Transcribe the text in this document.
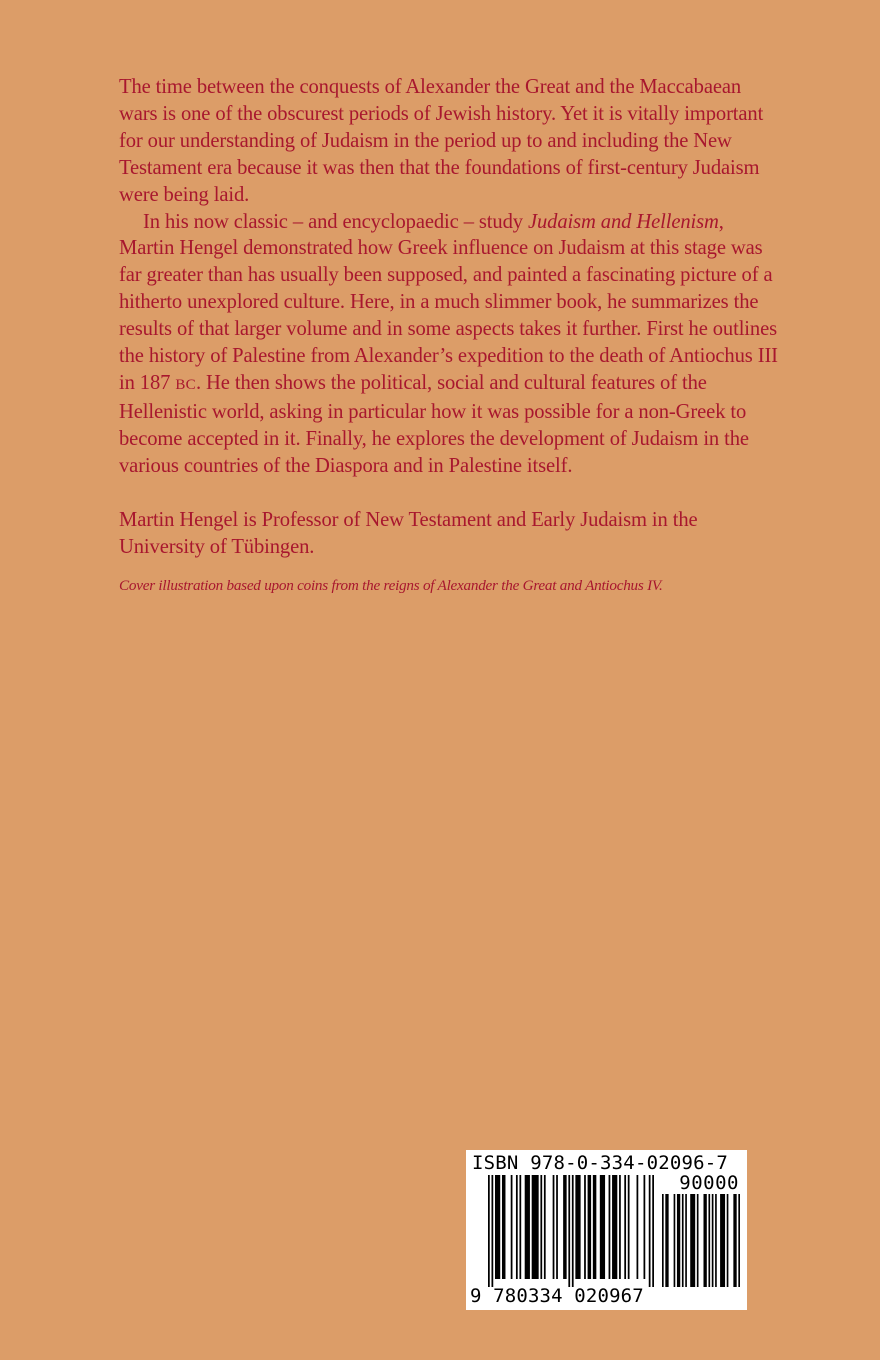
The time between the conquests of Alexander the Great and the Maccabaean wars is one of the obscurest periods of Jewish history. Yet it is vitally important for our understanding of Judaism in the period up to and including the New Testament era because it was then that the foundations of first-century Judaism were being laid.

In his now classic – and encyclopaedic – study Judaism and Hellenism, Martin Hengel demonstrated how Greek influence on Judaism at this stage was far greater than has usually been supposed, and painted a fascinating picture of a hitherto unexplored culture. Here, in a much slimmer book, he summarizes the results of that larger volume and in some aspects takes it further. First he outlines the history of Palestine from Alexander’s expedition to the death of Antiochus III in 187 BC. He then shows the political, social and cultural features of the Hellenistic world, asking in particular how it was possible for a non-Greek to become accepted in it. Finally, he explores the development of Judaism in the various countries of the Diaspora and in Palestine itself.

Martin Hengel is Professor of New Testament and Early Judaism in the University of Tübingen.

Cover illustration based upon coins from the reigns of Alexander the Great and Antiochus IV.

ISBN 978-0-334-02096-7
90000
9 780334 020967
